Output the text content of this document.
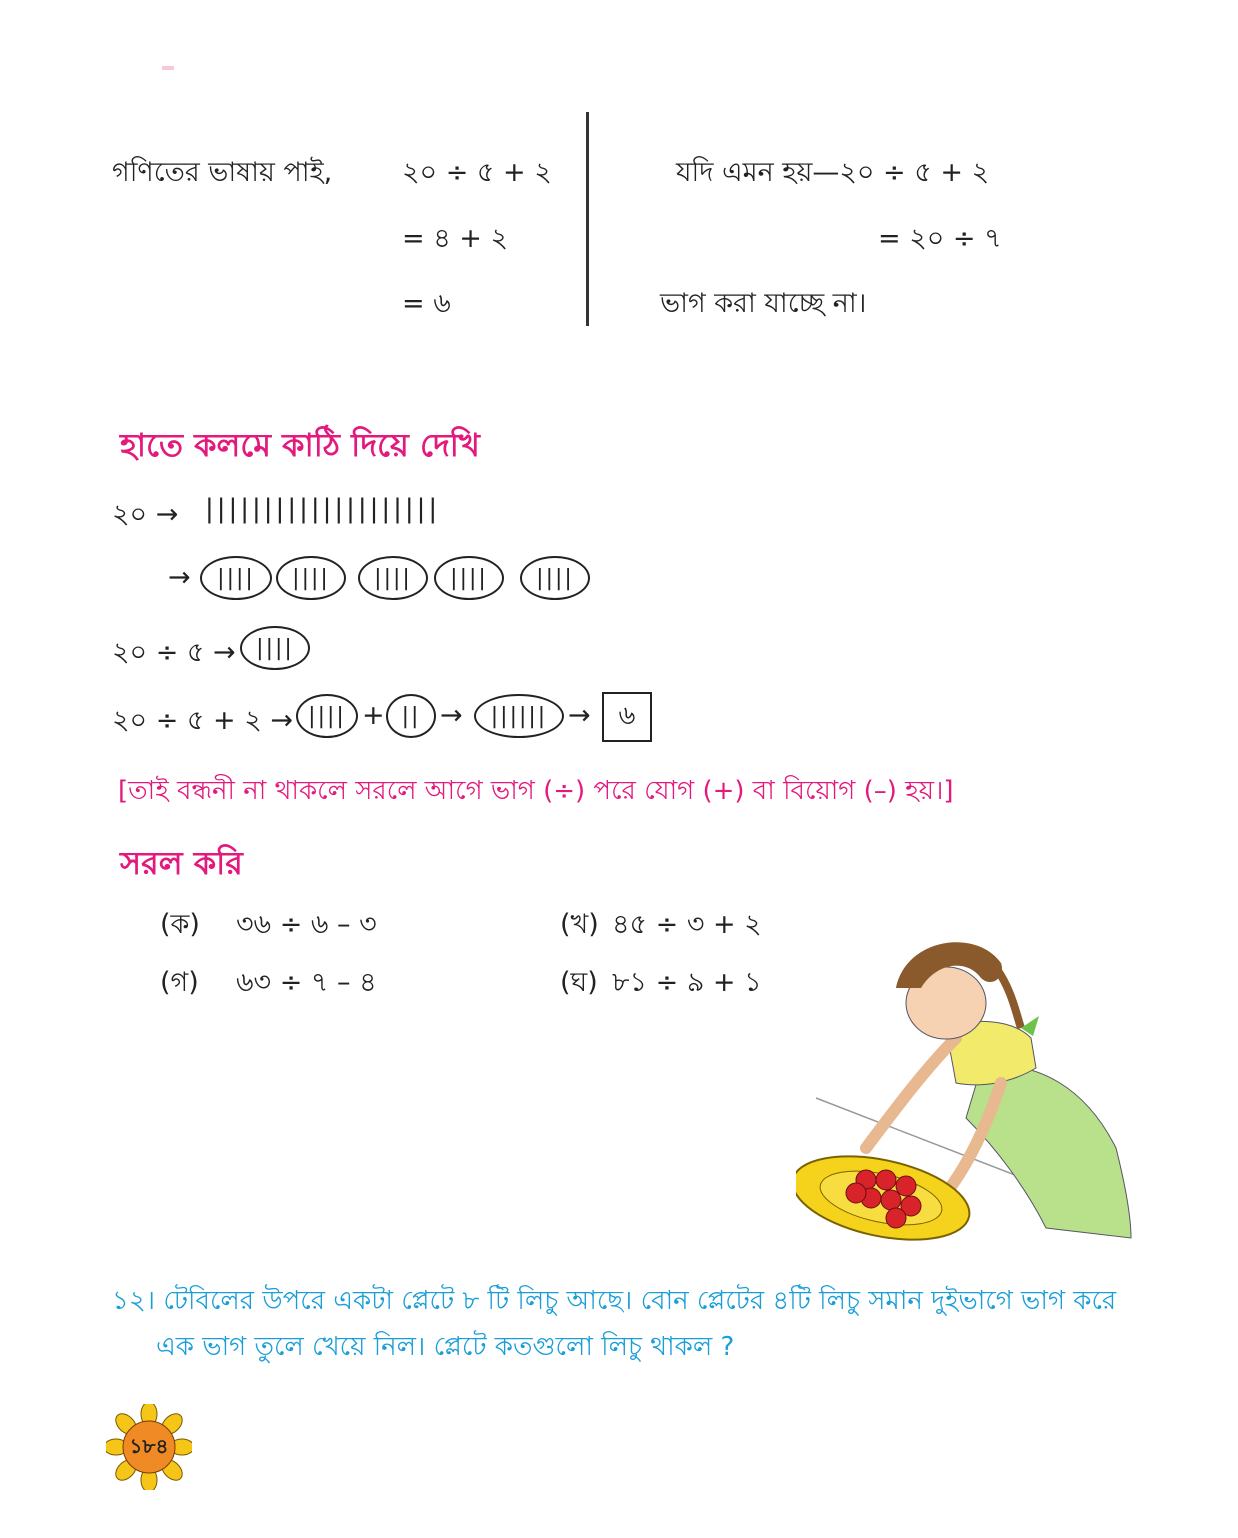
গণিতের ভাষায় পাই,	২০ ÷ ৫ + ২
= ৪ + ২
= ৬
যদি এমন হয়—২০ ÷ ৫ + ২
= ২০ ÷ ৭
ভাগ করা যাচ্ছে না।
হাতে কলমে কাঠি দিয়ে দেখি
২০ → ||||||||||||||||||||
→	||||	||||	||||	||||	||||
২০ ÷ ৫ → ||||
২০ ÷ ৫ + ২ → |||| + || →	|||||| →	৬
[তাই বন্ধনী না থাকলে সরলে আগে ভাগ (÷) পরে যোগ (+) বা বিয়োগ (–) হয়।]
সরল করি
(ক) ৩৬ ÷ ৬ – ৩	(খ) ৪৫ ÷ ৩ + ২
(গ) ৬৩ ÷ ৭ – ৪	(ঘ) ৮১ ÷ ৯ + ১
১২। টেবিলের উপরে একটা প্লেটে ৮ টি লিচু আছে। বোন প্লেটের ৪টি লিচু সমান দুইভাগে ভাগ করে
এক ভাগ তুলে খেয়ে নিল। প্লেটে কতগুলো লিচু থাকল ?
১৮৪
